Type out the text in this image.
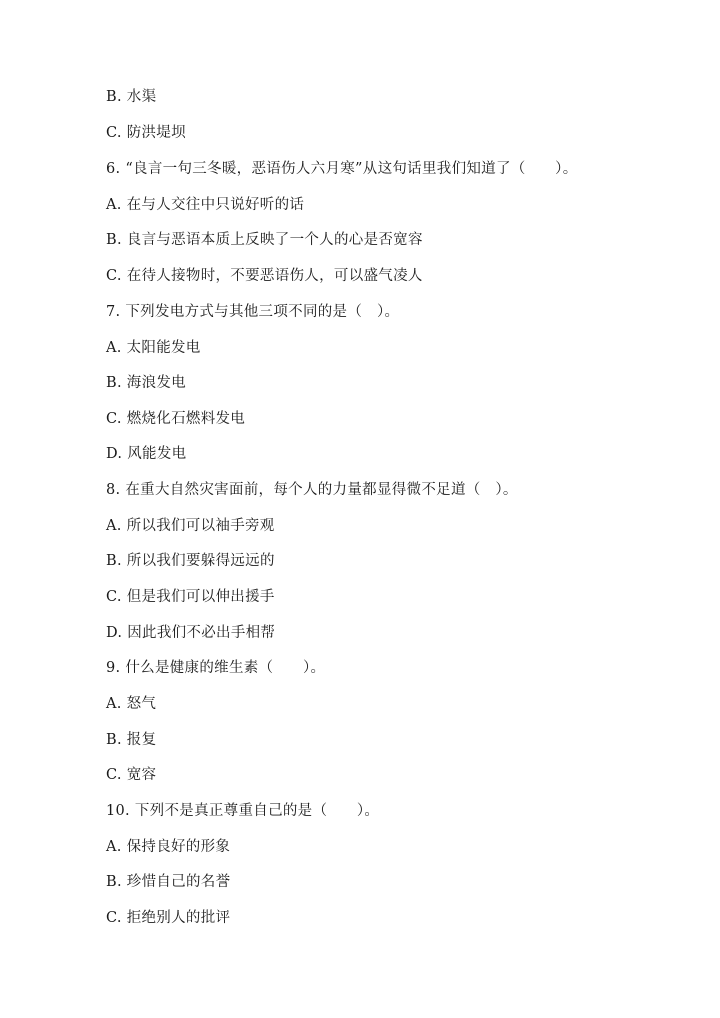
B. 水渠
C. 防洪堤坝
6. “良言一句三冬暖，恶语伤人六月寒”从这句话里我们知道了（　　）。
A. 在与人交往中只说好听的话
B. 良言与恶语本质上反映了一个人的心是否宽容
C. 在待人接物时，不要恶语伤人，可以盛气凌人
7. 下列发电方式与其他三项不同的是（　）。
A. 太阳能发电
B. 海浪发电
C. 燃烧化石燃料发电
D. 风能发电
8. 在重大自然灾害面前，每个人的力量都显得微不足道（　）。
A. 所以我们可以袖手旁观
B. 所以我们要躲得远远的
C. 但是我们可以伸出援手
D. 因此我们不必出手相帮
9. 什么是健康的维生素（　　）。
A. 怒气
B. 报复
C. 宽容
10. 下列不是真正尊重自己的是（　　）。
A. 保持良好的形象
B. 珍惜自己的名誉
C. 拒绝别人的批评
